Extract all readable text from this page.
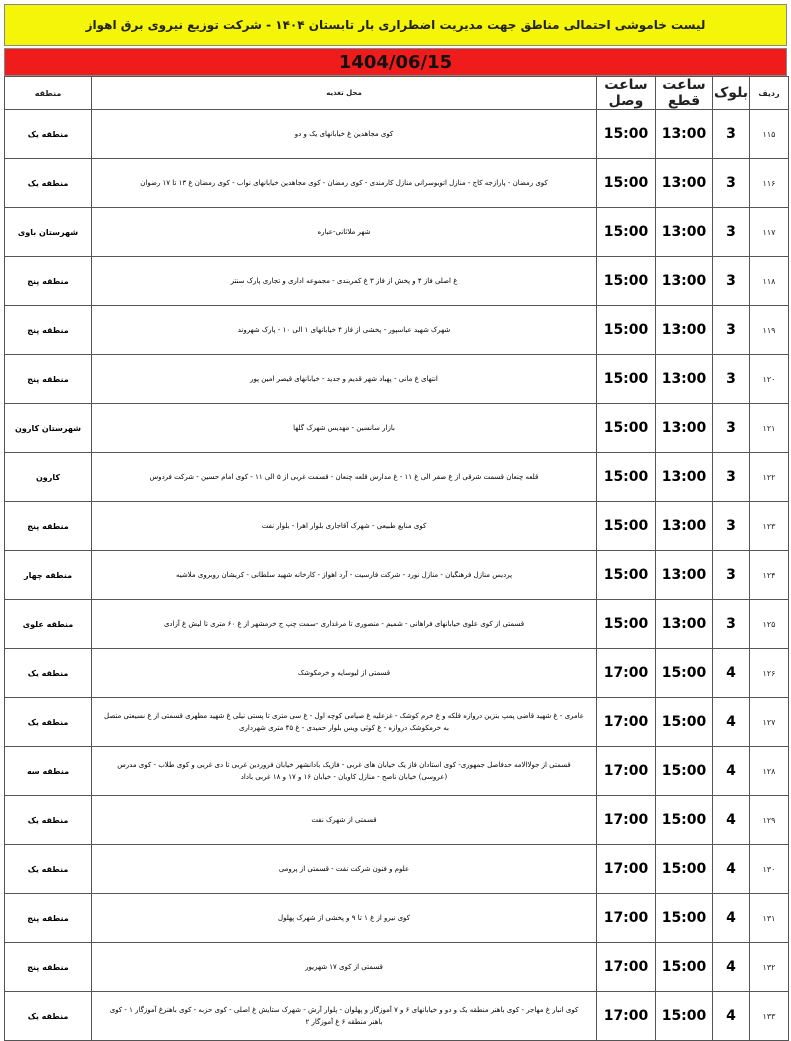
لیست خاموشی احتمالی مناطق جهت مدیریت اضطراری بار تابستان ۱۴۰۴ - شرکت توزیع نیروی برق اهواز
1404/06/15
ردیف	بلوک	ساعت قطع	ساعت وصل	محل تغذیه	منطقه
۱۱۵	3	13:00	15:00	کوی مجاهدین غ خیابانهای یک و دو	منطقه یک
۱۱۶	3	13:00	15:00	کوی رمضان - پارازجه کاج - منازل اتوبوسرانی منازل کارمندی - کوی رمضان - کوی مجاهدین خیابانهای نواب - کوی رمضان غ ۱۳ تا ۱۷ رضوان	منطقه یک
۱۱۷	3	13:00	15:00	شهر ملاثانی-عباره	شهرستان باوی
۱۱۸	3	13:00	15:00	غ اصلی فاز ۴ و پخش از فاز ۳ غ کمربندی - مجموعه اداری و تجاری پارک سنتر	منطقه پنج
۱۱۹	3	13:00	15:00	شهرک شهید عباسپور - پخشی از فاز ۴ خیابانهای ۱ الی ۱۰ - پارک شهروند	منطقه پنج
۱۲۰	3	13:00	15:00	انتهای غ مانی - پهباد شهر قدیم و جدید - خیابانهای قیصر امین پور	منطقه پنج
۱۲۱	3	13:00	15:00	بازار سانسین - مهدیس شهرک گلها	شهرستان کارون
۱۲۲	3	13:00	15:00	قلعه چنعان قسمت شرقی از غ صفر الی غ ۱۱ - غ مدارس قلعه چنعان - قسمت غربی از ۵ الی ۱۱ - کوی امام حسین - شرکت فردوس	کارون
۱۲۳	3	13:00	15:00	کوی منابع طبیعی - شهرک آقاجاری بلوار اهرا - بلوار نفت	منطقه پنج
۱۲۴	3	13:00	15:00	پردیس منازل فرهنگیان - منازل نورد - شرکت فارسیت - آرد اهواز - کارخانه شهید سلطانی - کریشان روبروی ملاشیه	منطقه چهار
۱۲۵	3	13:00	15:00	قسمتی از کوی علوی خیابانهای فراهانی - شمیم - منصوری تا مرغداری -سمت چپ ج خرمشهر از غ ۶۰ متری تا لیش غ آزادی	منطقه علوی
۱۲۶	4	15:00	17:00	قسمتی از لیوسایه و خرمکوشک	منطقه یک
۱۲۷	4	15:00	17:00	عامری - غ شهید قاضی پمپ بنزین دروازه فلکه و غ خرم کوشک - غزعلیه غ صیامی کوچه اول - غ سی متری تا پستی نیلی غ شهید مطهری قسمتی از غ نسیعتی متصل به خرمکوشک دروازه - غ کوثی ویس بلوار حمیدی - غ ۴۵ متری شهرداری	منطقه یک
۱۲۸	4	15:00	17:00	قسمتی از جولاالامه حدفاصل جمهوری- کوی استادان فاز یک خیابان های غربی - فازیک بادانشهر خیابان فروردین غربی تا دی غربی و کوی طلاب - کوی مدرس (عروسی) خیابان ناصح - منازل کاویان - خیابان ۱۶ و ۱۷ و ۱۸ غربی باداد	منطقه سه
۱۲۹	4	15:00	17:00	قسمتی از شهرک نفت	منطقه یک
۱۳۰	4	15:00	17:00	علوم و فنون شرکت نفت - قسمتی از پرومی	منطقه یک
۱۳۱	4	15:00	17:00	کوی نیرو از غ ۱ تا ۹ و پخشی از شهرک پهلول	منطقه پنج
۱۳۲	4	15:00	17:00	قسمتی از کوی ۱۷ شهریور	منطقه پنج
۱۳۳	4	15:00	17:00	کوی انبار غ مهاجر - کوی باهنر منطقه یک و دو و خیابانهای ۶ و ۷ آموزگار و پهلوان - پلوار آرش - شهرک ستایش غ اصلی - کوی حزبه - کوی باهنرغ آموزگار ۱ - کوی باهنر منطقه ۶ غ آموزگار ۲	منطقه یک
